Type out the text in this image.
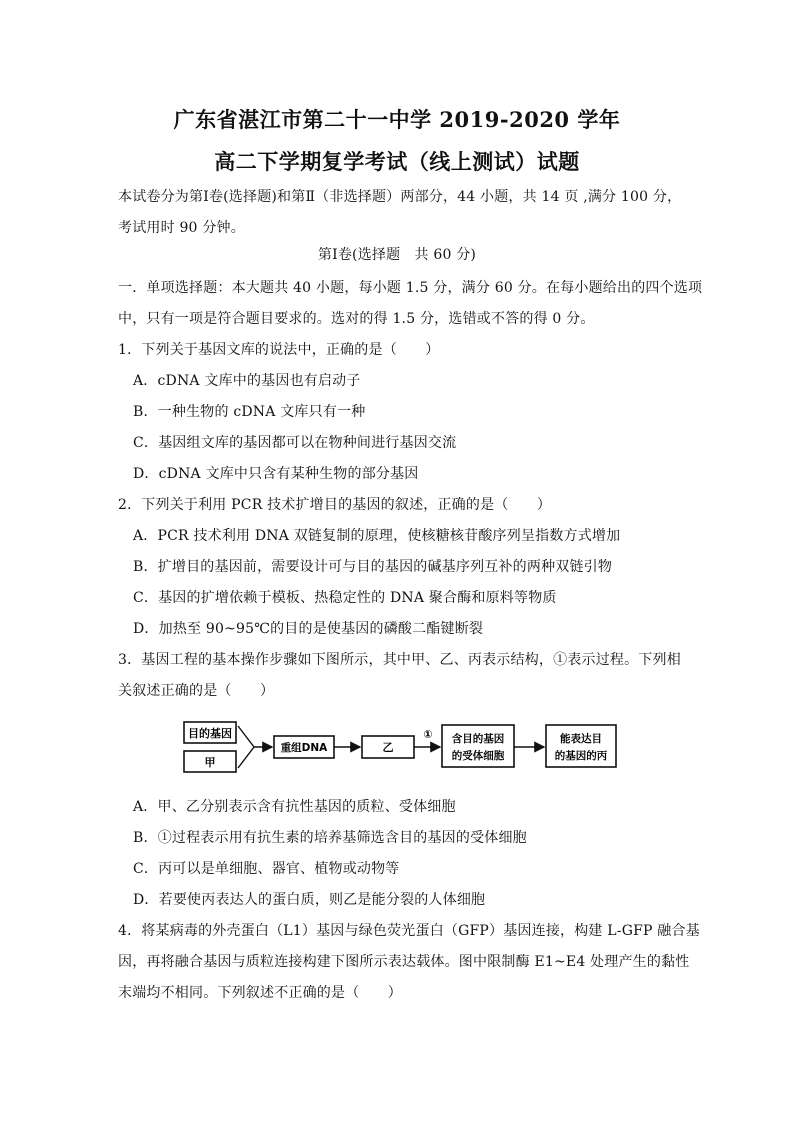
广东省湛江市第二十一中学 2019-2020 学年
高二下学期复学考试（线上测试）试题
本试卷分为第Ⅰ卷(选择题)和第Ⅱ（非选择题）两部分，44 小题，共 14 页 ,满分 100 分，
考试用时 90 分钟。
第Ⅰ卷(选择题　共 60 分)
一．单项选择题：本大题共 40 小题，每小题 1.5 分，满分 60 分。在每小题给出的四个选项
中，只有一项是符合题目要求的。选对的得 1.5 分，选错或不答的得 0 分。
1．下列关于基因文库的说法中，正确的是（　　）
A．cDNA 文库中的基因也有启动子
B．一种生物的 cDNA 文库只有一种
C．基因组文库的基因都可以在物种间进行基因交流
D．cDNA 文库中只含有某种生物的部分基因
2．下列关于利用 PCR 技术扩增目的基因的叙述，正确的是（　　）
A．PCR 技术利用 DNA 双链复制的原理，使核糖核苷酸序列呈指数方式增加
B．扩增目的基因前，需要设计可与目的基因的碱基序列互补的两种双链引物
C．基因的扩增依赖于模板、热稳定性的 DNA 聚合酶和原料等物质
D．加热至 90~95℃的目的是使基因的磷酸二酯键断裂
3．基因工程的基本操作步骤如下图所示，其中甲、乙、丙表示结构，①表示过程。下列相
关叙述正确的是（　　）
目的基因
甲
重组DNA	乙
① 含目的基因
的受体细胞
能表达目
的基因的丙
A．甲、乙分别表示含有抗性基因的质粒、受体细胞
B．①过程表示用有抗生素的培养基筛选含目的基因的受体细胞
C．丙可以是单细胞、器官、植物或动物等
D．若要使丙表达人的蛋白质，则乙是能分裂的人体细胞
4．将某病毒的外壳蛋白（L1）基因与绿色荧光蛋白（GFP）基因连接，构建 L-GFP 融合基
因，再将融合基因与质粒连接构建下图所示表达载体。图中限制酶 E1~E4 处理产生的黏性
末端均不相同。下列叙述不正确的是（　　）
